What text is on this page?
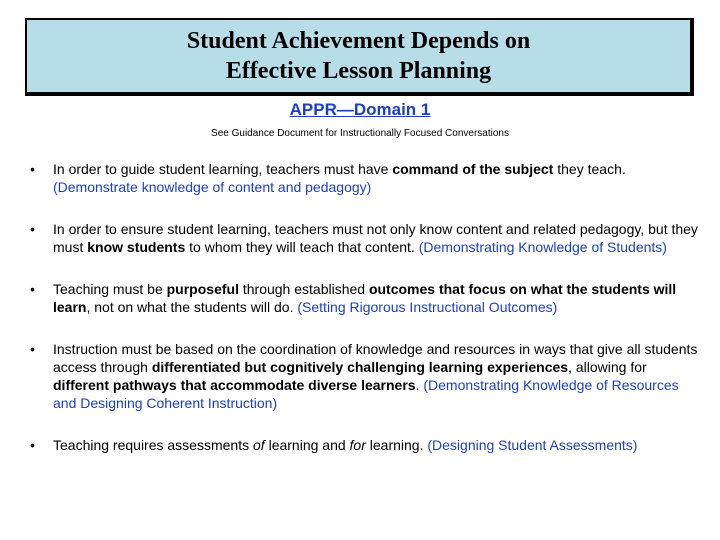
Student Achievement Depends on
Effective Lesson Planning
APPR—Domain 1
See Guidance Document for Instructionally Focused Conversations
• In order to guide student learning, teachers must have command of the subject they teach. (Demonstrate knowledge of content and pedagogy)
• In order to ensure student learning, teachers must not only know content and related pedagogy, but they must know students to whom they will teach that content. (Demonstrating Knowledge of Students)
• Teaching must be purposeful through established outcomes that focus on what the students will learn, not on what the students will do. (Setting Rigorous Instructional Outcomes)
• Instruction must be based on the coordination of knowledge and resources in ways that give all students access through differentiated but cognitively challenging learning experiences, allowing for different pathways that accommodate diverse learners. (Demonstrating Knowledge of Resources and Designing Coherent Instruction)
• Teaching requires assessments of learning and for learning. (Designing Student Assessments)
